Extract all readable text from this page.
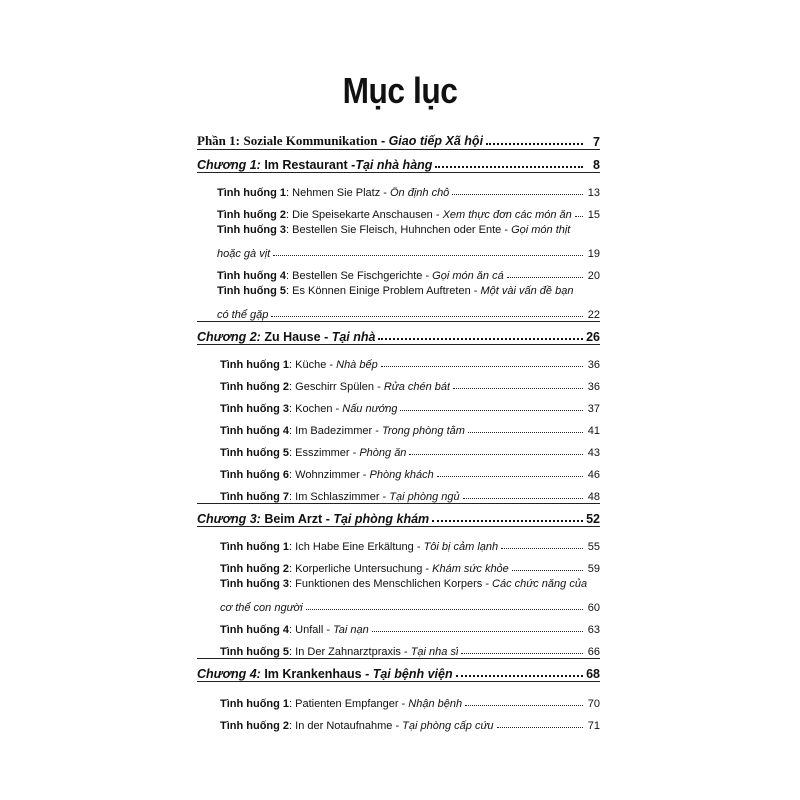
Mục lục
Phần 1: Soziale Kommunikation - Giao tiếp Xã hội	7
Chương 1: Im Restaurant -Tại nhà hàng	8
Tình huống 1: Nehmen Sie Platz - Ổn định chỗ	13
Tình huống 2: Die Speisekarte Anschausen - Xem thực đơn các món ăn 15
Tình huống 3: Bestellen Sie Fleisch, Huhnchen oder Ente - Gọi món thịt
hoặc gà vịt	19
Tình huống 4: Bestellen Se Fischgerichte - Gọi món ăn cá	20
Tình huống 5: Es Können Einige Problem Auftreten - Một vài vấn đề bạn
có thể gặp	22
Chương 2: Zu Hause - Tại nhà	26
Tình huống 1: Küche - Nhà bếp	36
Tình huống 2: Geschirr Spülen - Rửa chén bát	36
Tình huống 3: Kochen - Nấu nướng	37
Tình huống 4: Im Badezimmer - Trong phòng tắm	41
Tình huống 5: Esszimmer - Phòng ăn	43
Tình huống 6: Wohnzimmer - Phòng khách	46
Tình huống 7: Im Schlaszimmer - Tại phòng ngủ	48
Chương 3: Beim Arzt - Tại phòng khám	52
Tình huống 1: Ich Habe Eine Erkältung - Tôi bị cảm lạnh	55
Tình huống 2: Korperliche Untersuchung - Khám sức khỏe	59
Tình huống 3: Funktionen des Menschlichen Korpers - Các chức năng của
cơ thể con người	60
Tình huống 4: Unfall - Tai nạn	63
Tình huống 5: In Der Zahnarztpraxis - Tại nha sĩ	66
Chương 4: Im Krankenhaus - Tại bệnh viện	68
Tình huống 1: Patienten Empfanger - Nhận bệnh	70
Tình huống 2: In der Notaufnahme - Tại phòng cấp cứu	71
